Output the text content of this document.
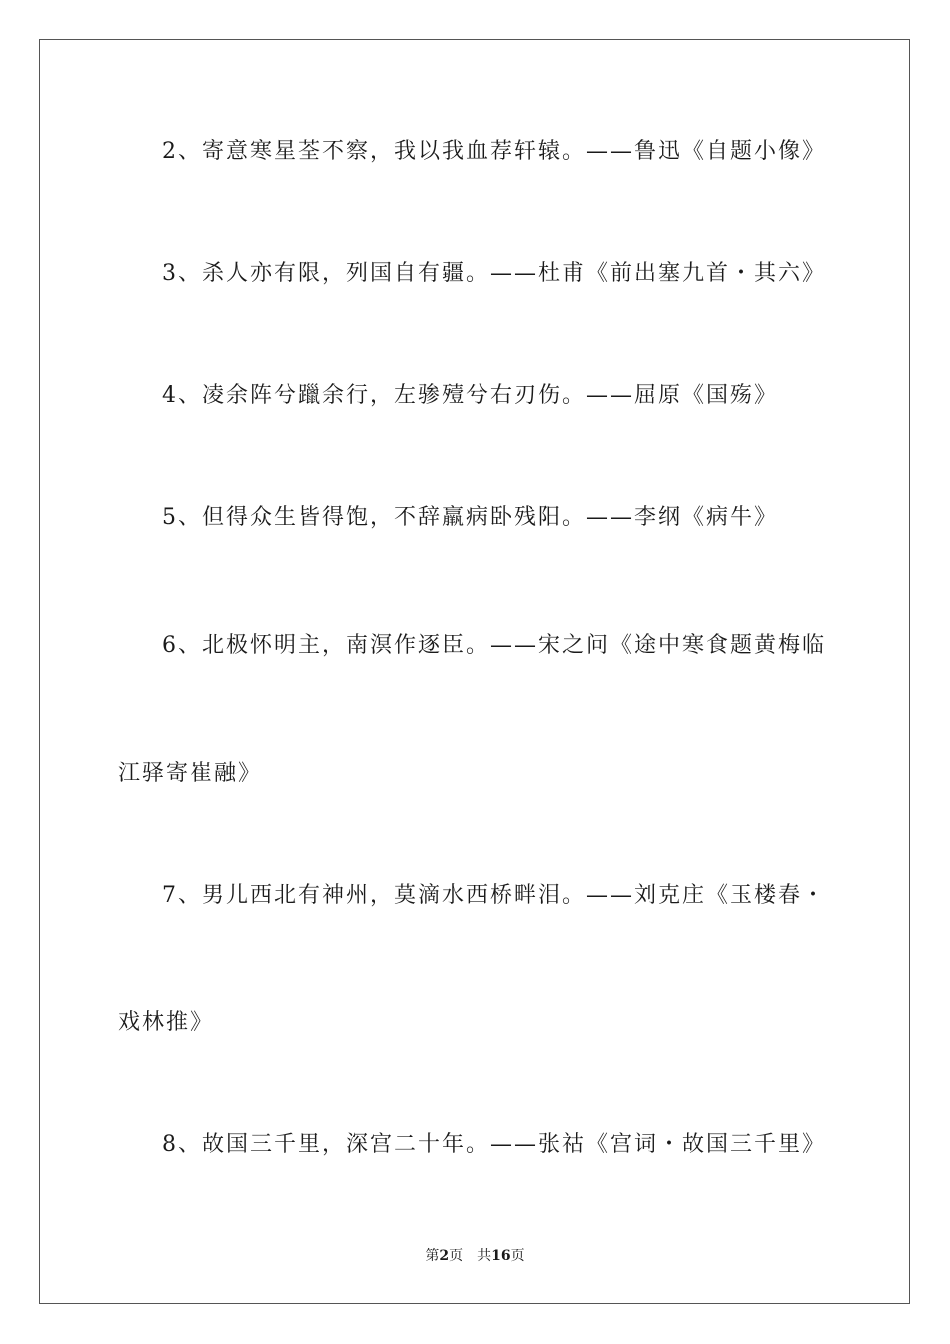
2、寄意寒星荃不察，我以我血荐轩辕。——鲁迅《自题小像》
3、杀人亦有限，列国自有疆。——杜甫《前出塞九首・其六》
4、凌余阵兮躐余行，左骖殪兮右刃伤。——屈原《国殇》
5、但得众生皆得饱，不辞羸病卧残阳。——李纲《病牛》
6、北极怀明主，南溟作逐臣。——宋之问《途中寒食题黄梅临
江驿寄崔融》
7、男儿西北有神州，莫滴水西桥畔泪。——刘克庄《玉楼春・
戏林推》
8、故国三千里，深宫二十年。——张祜《宫词・故国三千里》
第2页 共16页
